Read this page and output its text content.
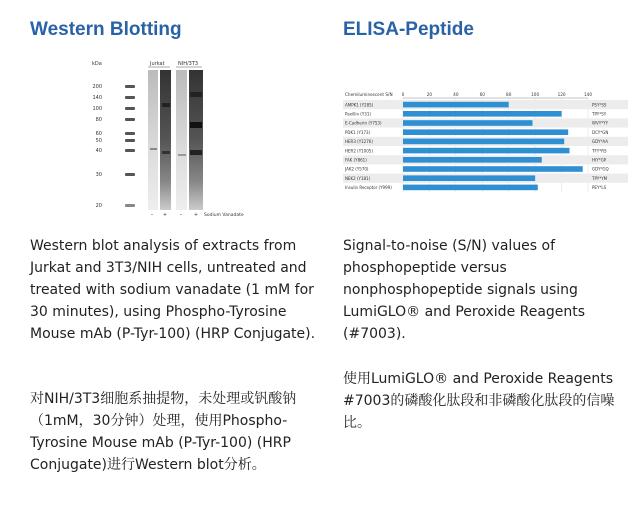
Western Blotting
kDa	Jurkat	NIH/3T3
200
140
100
80
60
50
40
30
20
– +	– + Sodium Vanadate

Western blot analysis of extracts from Jurkat and 3T3/NIH cells, untreated and treated with sodium vanadate (1 mM for 30 minutes), using Phospho-Tyrosine Mouse mAb (P-Tyr-100) (HRP Conjugate).

对NIH/3T3细胞系抽提物，未处理或钒酸钠（1mM，30分钟）处理，使用Phospho-Tyrosine Mouse mAb (P-Tyr-100) (HRP Conjugate)进行Western blot分析。

ELISA-Peptide
Chemiluminescent S/N 0	20	40	60	80	100	120	140
AMPK1 (Y285)	PSY*SS
Paxillin (Y31)	TPY*SY
E-Cadherin (Y753)	WVY*YY
PDK1 (Y373)	DCY*GN
HER3 (Y1276)	GDY*AA
HER2 (Y1005)	TFY*RS
FAK (Y861)	HIY*GP
JAK2 (Y570)	GDY*GQ
NEK2 (Y181)	TPY*YM
Insulin Receptor (Y999)	PEY*LS

Signal-to-noise (S/N) values of phosphopeptide versus nonphosphopeptide signals using LumiGLO® and Peroxide Reagents (#7003).

使用LumiGLO® and Peroxide Reagents #7003的磷酸化肽段和非磷酸化肽段的信噪比。
